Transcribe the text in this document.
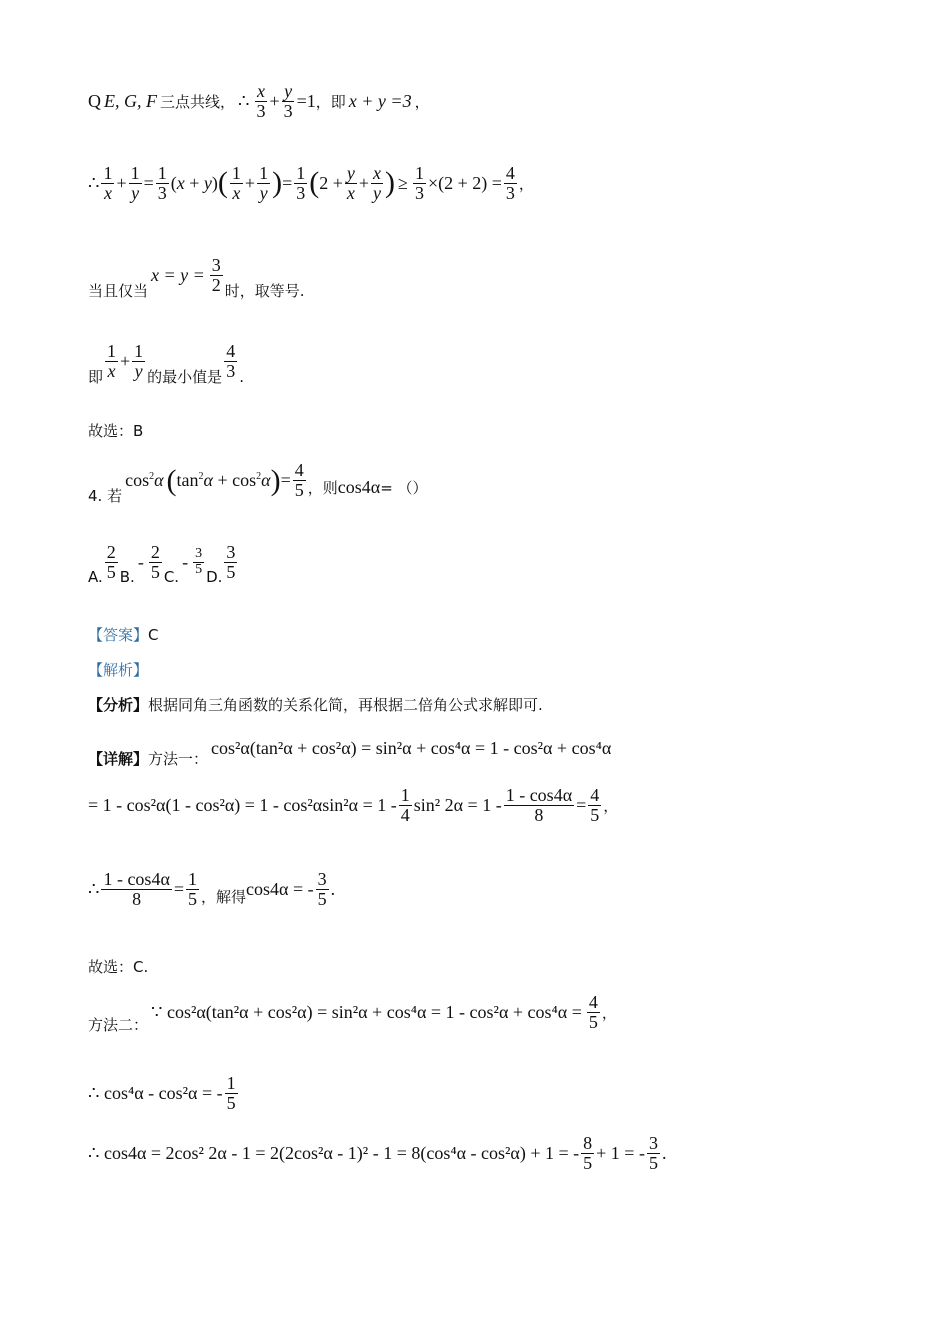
Q E, G, F 三点共线， ∴ x
$3 + \frac{y}{3} =1$ ，即 x + y =3 ，
∴ 1
$x + \frac{1}{y} = \frac{1}{3} (x + y)$ ( 1
$x + \frac{1}{y}$ ) = $\frac{1}{3}$ ( $2 + \frac{y}{x} + \frac{x}{y}$ ) ≥ $\frac{1}{3} \times(2 + 2) = \frac{4}{3}$ ，
当且仅当
$x = y = \frac{3}{2}$ 时，取等号.
即
1
$x + \frac{1}{y}$ 的最小值是
4
3 .
故选：B
4. 若
$\cos^2\alpha$ ( $\tan^2\alpha + \cos^2\alpha$ ) = $\frac{4}{5}$ ，则 cos4α = （）
A.
2
5 B.
- 2
5 C.
- 3
5 D.
3
5
【答案】 C
【解析】
【分析】 根据同角三角函数的关系化简，再根据二倍角公式求解即可.
【详解】 方法一：
cos²α(tan²α + cos²α) = sin²α + cos⁴α = 1 - cos²α + cos⁴α
= 1 - cos²α(1 - cos²α) = 1 - cos²αsin²α = 1 - 1
4 sin² $2\alpha = 1 - \frac{1 - \cos 4\alpha}{8} = \frac{4}{5}$ ，
∴ $\frac{1 - \cos 4\alpha}{8} = \frac{1}{5}$ ，解得 cos4α = - 3
5 .
故选：C.
方法二：
∵ $\cos^2\alpha(\tan^2\alpha + \cos^2\alpha) = \sin^2\alpha + \cos^4\alpha = 1 - \cos^2\alpha + \cos^4\alpha = \frac{4}{5}$ ，
∴ cos⁴α - cos²α = - 1
5
∴ cos4α = 2cos² 2α - 1 = 2(2cos²α - 1)² - 1 = 8(cos⁴α - cos²α) + 1 = - 8
5 + 1 = - 3
5 .
